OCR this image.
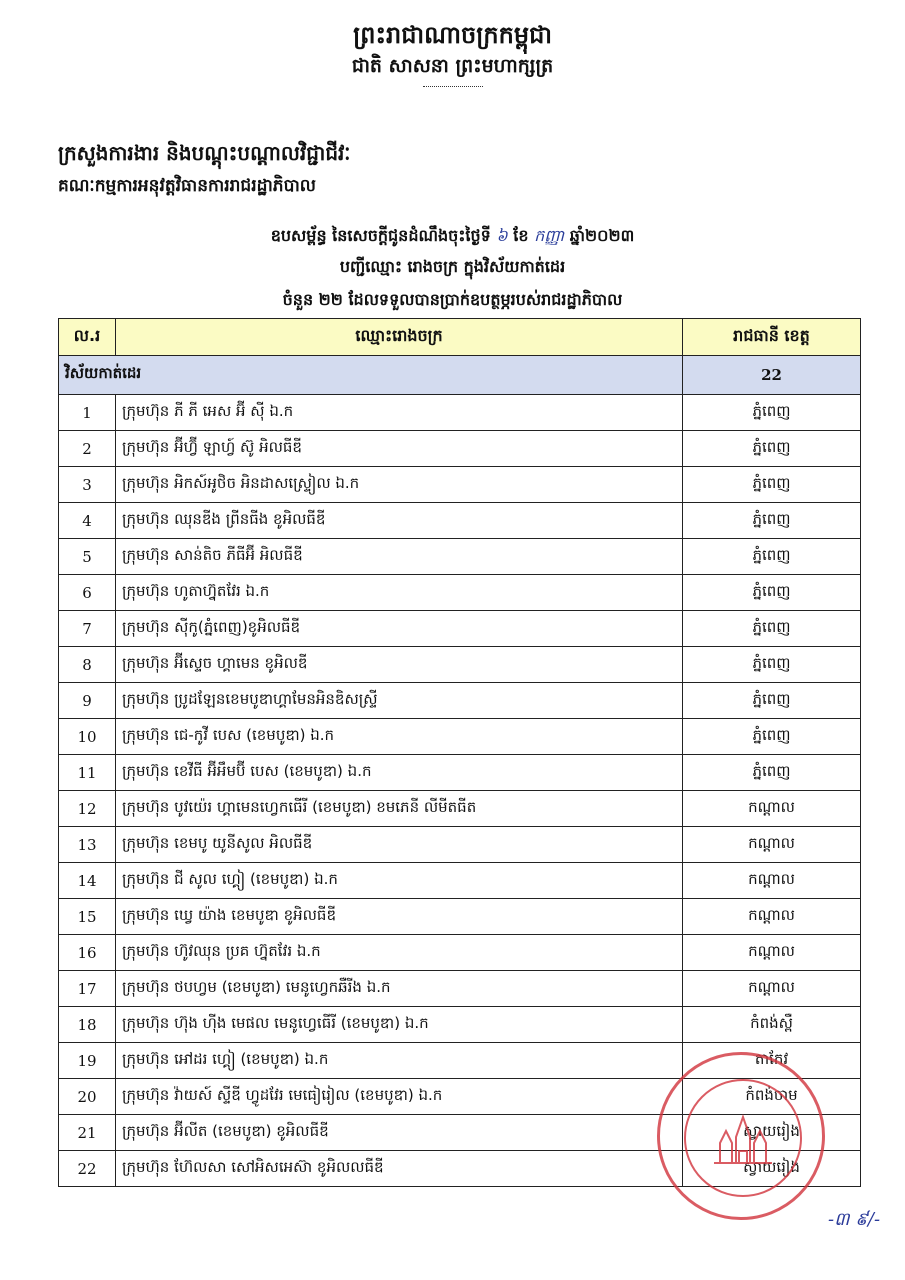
ព្រះរាជាណាចក្រកម្ពុជា
ជាតិ សាសនា ព្រះមហាក្សត្រ
ក្រសួងការងារ និងបណ្តុះបណ្តាលវិជ្ជាជីវៈ
គណៈកម្មការអនុវត្តវិធានការរាជរដ្ឋាភិបាល
ឧបសម្ព័ន្ធ នៃសេចក្តីជូនដំណឹងចុះថ្ងៃទី ៦ ខែ កញ្ញា ឆ្នាំ២០២៣
បញ្ជីឈ្មោះ រោងចក្រ ក្នុងវិស័យកាត់ដេរ
ចំនួន ២២ ដែលទទួលបានប្រាក់ឧបត្ថម្ភរបស់រាជរដ្ឋាភិបាល
ល.រ	ឈ្មោះរោងចក្រ	រាជធានី ខេត្ត
វិស័យកាត់ដេរ		22
1	ក្រុមហ៊ុន ភី ភី អេស អ៊ី ស៊ី ឯ.ក	ភ្នំពេញ
2	ក្រុមហ៊ុន អ៊ីហ្វ៊ី ឡាហ្វ៍ ស៊ូ អិលធីឌី	ភ្នំពេញ
3	ក្រុមហ៊ុន អិកស៍អូថិច អិនដាសស្ទ្រៀល ឯ.ក	ភ្នំពេញ
4	ក្រុមហ៊ុន ឈុនឌីង ព្រីនធីង ខូអិលធីឌី	ភ្នំពេញ
5	ក្រុមហ៊ុន សាន់តិច ភីធីអ៊ី អិលធីឌី	ភ្នំពេញ
6	ក្រុមហ៊ុន ហូតាហ្វ៊ុតវែរ ឯ.ក	ភ្នំពេញ
7	ក្រុមហ៊ុន ស៊ីកូ(ភ្នំពេញ)ខូអិលធីឌី	ភ្នំពេញ
8	ក្រុមហ៊ុន អ៊ីស្ទេច ហ្គាមេន ខូអិលឌី	ភ្នំពេញ
9	ក្រុមហ៊ុន ប្រូដឡែនខេមបូឌាហ្គាមែនអិនឌិសស្ទ្រី	ភ្នំពេញ
10	ក្រុមហ៊ុន ជេ-កូវី បេស (ខេមបូឌា) ឯ.ក	ភ្នំពេញ
11	ក្រុមហ៊ុន ខេវីធី អ៊ីអឹមប៊ី បេស (ខេមបូឌា) ឯ.ក	ភ្នំពេញ
12	ក្រុមហ៊ុន បូវយ៉េរ ហ្គាមេនហ្វេកធើរី (ខេមបូឌា) ខមភេនី លីមីតធីត	កណ្តាល
13	ក្រុមហ៊ុន ខេមបូ យូនីសូល អិលធីឌី	កណ្តាល
14	ក្រុមហ៊ុន ជី សូល ហ្គៀ (ខេមបូឌា) ឯ.ក	កណ្តាល
15	ក្រុមហ៊ុន ឃ្វេ យ៉ាង ខេមបូឌា ខូអិលធីឌី	កណ្តាល
16	ក្រុមហ៊ុន ហ៊ូវឈុន ប្រគ ហ្វ៊ុតវែរ ឯ.ក	កណ្តាល
17	ក្រុមហ៊ុន ថបហ្វម (ខេមបូឌា) មេនូហ្វេកឆឺរីង ឯ.ក	កណ្តាល
18	ក្រុមហ៊ុន ហ៊ុង ហ៊ីង មេផល មេនូហ្វេធើរី (ខេមបូឌា) ឯ.ក	កំពង់ស្ពឺ
19	ក្រុមហ៊ុន អៅដរ ហ្គៀ (ខេមបូឌា) ឯ.ក	តាកែវ
20	ក្រុមហ៊ុន វ៉ាយស៍ ស្ទីឌី ហ្វូដវែរ មេធៀរៀល (ខេមបូឌា) ឯ.ក	កំពង់ចាម
21	ក្រុមហ៊ុន អ៊ីលីត (ខេមបូឌា) ខូអិលធីឌី	ស្វាយរៀង
22	ក្រុមហ៊ុន ហ៊ែលសា សៅអិសអេស៊ា ខូអិលលធីឌី	ស្វាយរៀង
-៣ ៩/-
